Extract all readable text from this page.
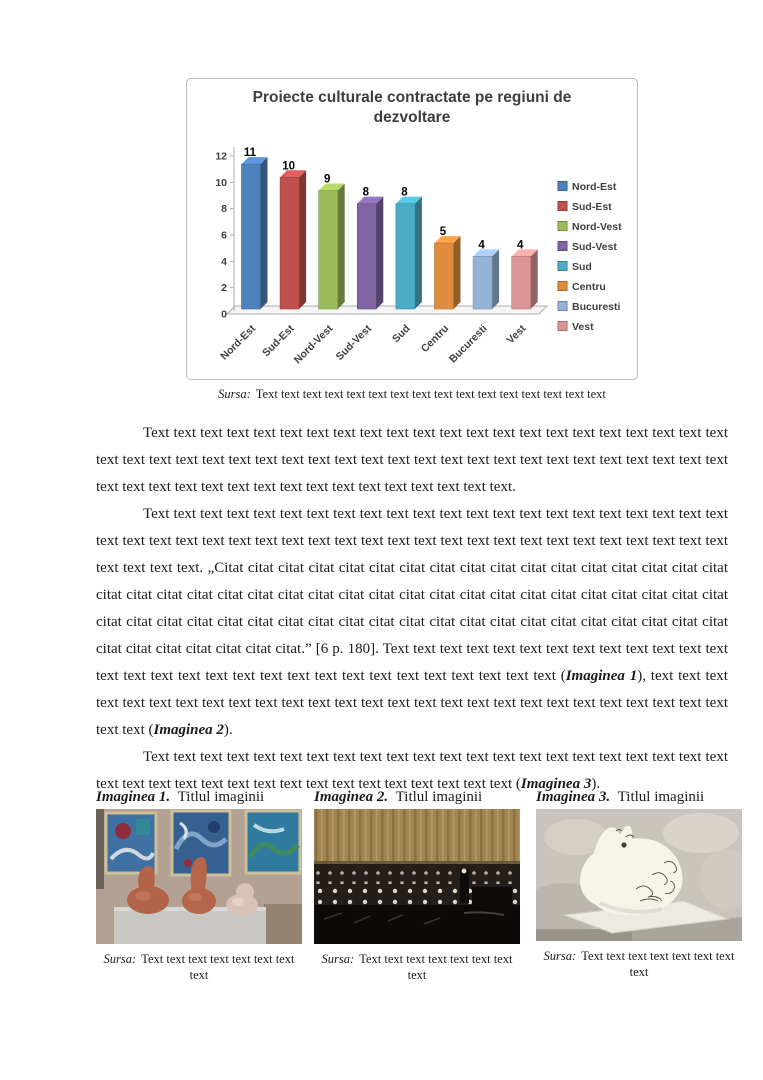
0
2
4
6
8
10
12 11
Nord-Est
10
Sud-Est
9
Nord-Vest
8
Sud-Vest
8
Sud
5
Centru
4
Bucuresti
4
Vest
Nord-Est
Sud-Est
Nord-Vest
Sud-Vest
Sud
Centru
Bucuresti
Vest
Proiecte culturale contractate pe regiuni de
dezvoltare
Sursa: Text text text text text text text text text text text text text text text text

Text text text text text text text text text text text text text text text text text text text text text text text text text text text text text text text text text text text text text text text text text text text text text text text text text text text text text text text text text text text text text text.

Text text text text text text text text text text text text text text text text text text text text text text text text text text text text text text text text text text text text text text text text text text text text text text text text text text. „Citat citat citat citat citat citat citat citat citat citat citat citat citat citat citat citat citat citat citat citat citat citat citat citat citat citat citat citat citat citat citat citat citat citat citat citat citat citat citat citat citat citat citat citat citat citat citat citat citat citat citat citat citat citat citat citat citat citat citat citat citat citat citat citat citat citat.” [6 p. 180]. Text text text text text text text text text text text text text text text text text text text text text text text text text text text text text text (Imaginea 1), text text text text text text text text text text text text text text text text text text text text text text text text text text text text text (Imaginea 2).

Text text text text text text text text text text text text text text text text text text text text text text text text text text text text text text text text text text text text text text (Imaginea 3).

Imaginea 1. Titlul imaginii
Sursa: Text text text text text text text text
Imaginea 2. Titlul imaginii
Sursa: Text text text text text text text text
Imaginea 3. Titlul imaginii
Sursa: Text text text text text text text text
